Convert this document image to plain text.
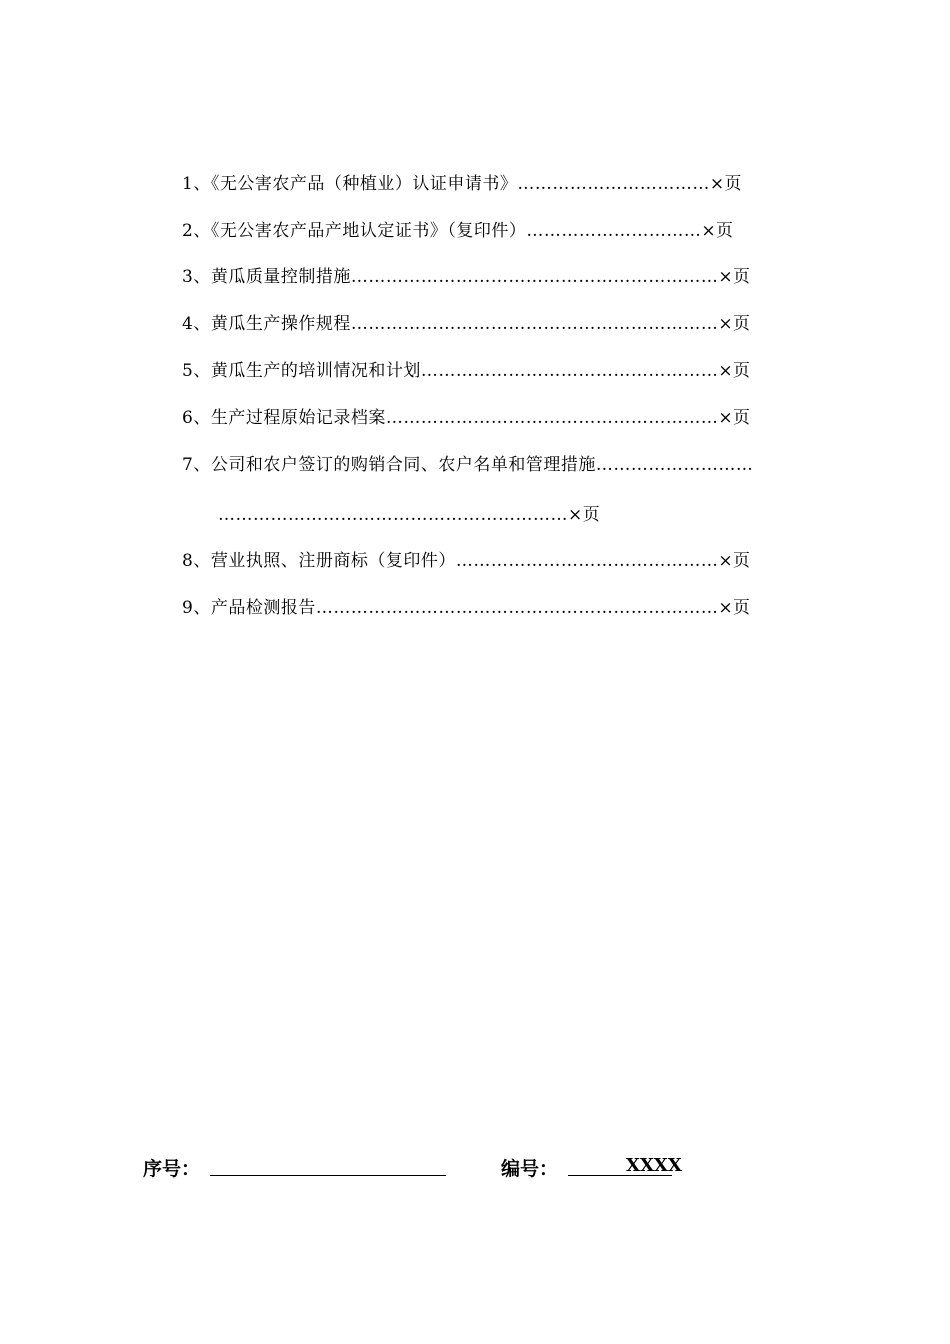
1、《无公害农产品（种植业）认证申请书》……………………………×页
2、《无公害农产品产地认定证书》（复印件）…………………………×页
3、黄瓜质量控制措施………………………………………………………×页
4、黄瓜生产操作规程………………………………………………………×页
5、黄瓜生产的培训情况和计划……………………………………………×页
6、生产过程原始记录档案…………………………………………………×页
7、公司和农户签订的购销合同、农户名单和管理措施………………………
……………………………………………………×页
8、营业执照、注册商标（复印件）………………………………………×页
9、产品检测报告……………………………………………………………×页
序号：	编号：	XXXX
